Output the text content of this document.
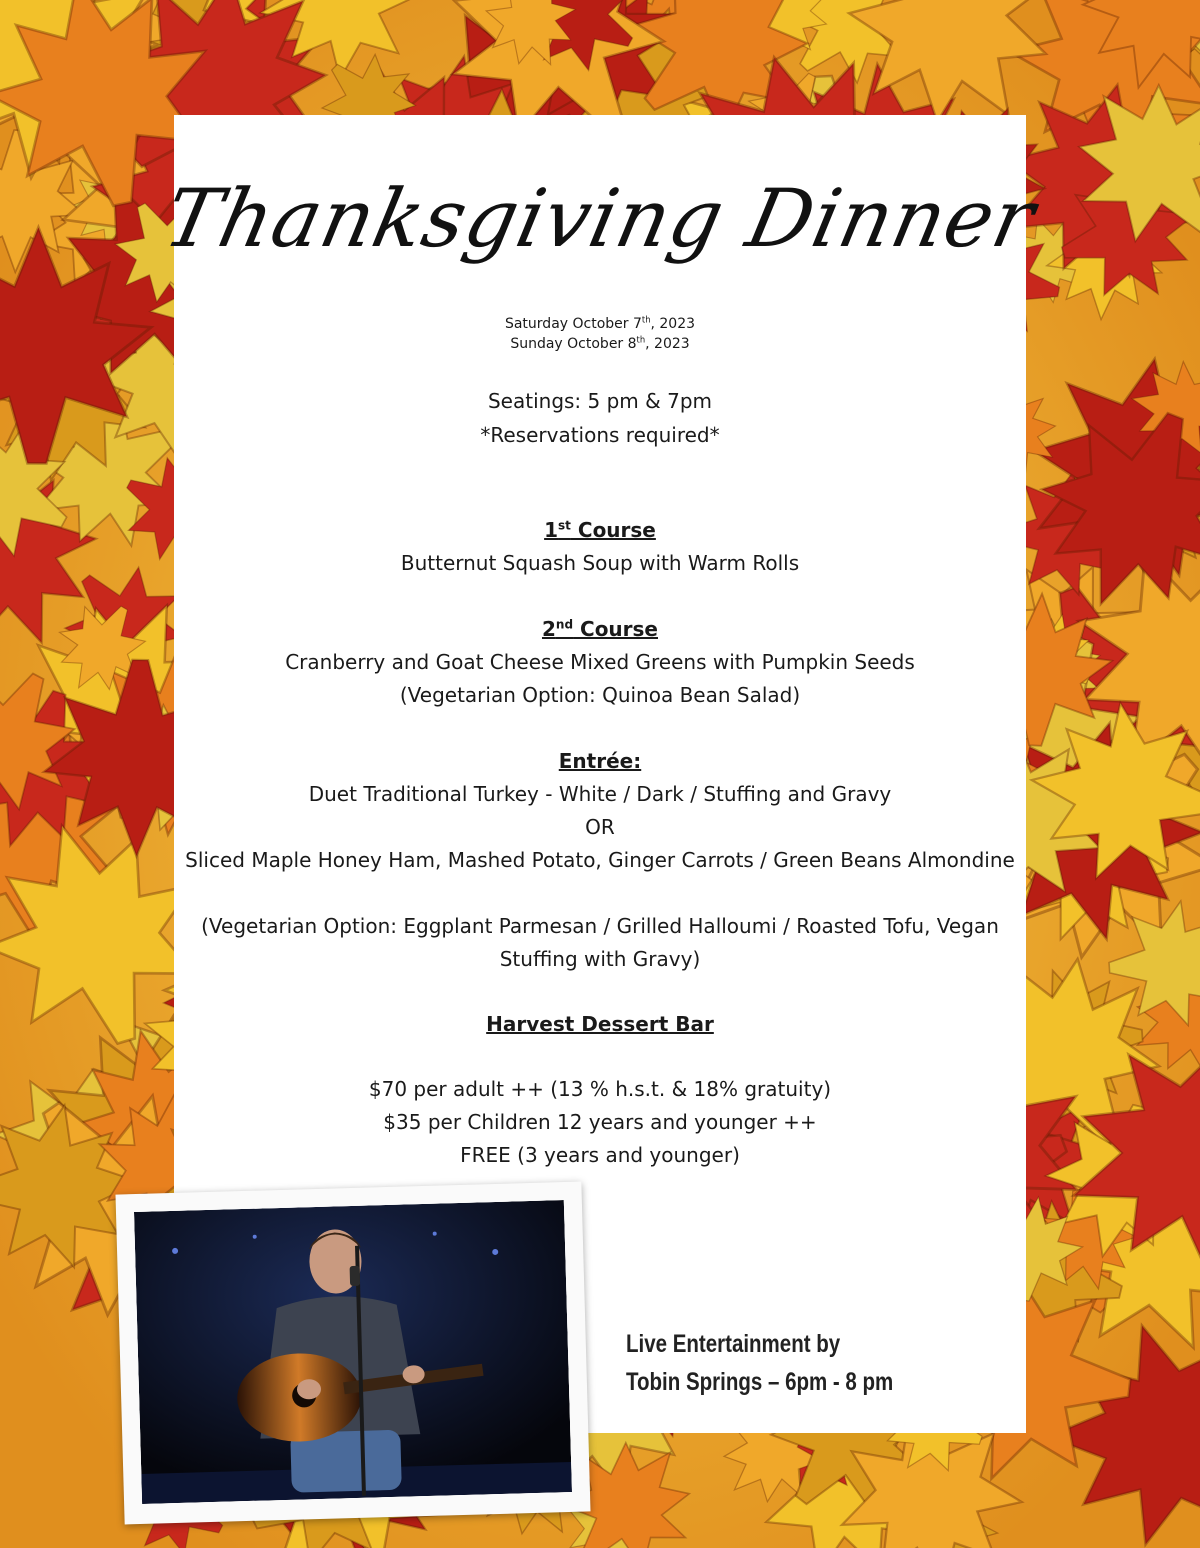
Thanksgiving Dinner
Saturday October 7th, 2023
Sunday October 8th, 2023
Seatings: 5 pm & 7pm
*Reservations required*
1st Course
Butternut Squash Soup with Warm Rolls
2nd Course
Cranberry and Goat Cheese Mixed Greens with Pumpkin Seeds
(Vegetarian Option: Quinoa Bean Salad)
Entrée:
Duet Traditional Turkey - White / Dark / Stuffing and Gravy
OR
Sliced Maple Honey Ham, Mashed Potato, Ginger Carrots / Green Beans Almondine
(Vegetarian Option: Eggplant Parmesan / Grilled Halloumi / Roasted Tofu, Vegan
Stuffing with Gravy)
Harvest Dessert Bar
$70 per adult ++ (13 % h.s.t. & 18% gratuity)
$35 per Children 12 years and younger ++
FREE (3 years and younger)
Live Entertainment by
Tobin Springs – 6pm - 8 pm
